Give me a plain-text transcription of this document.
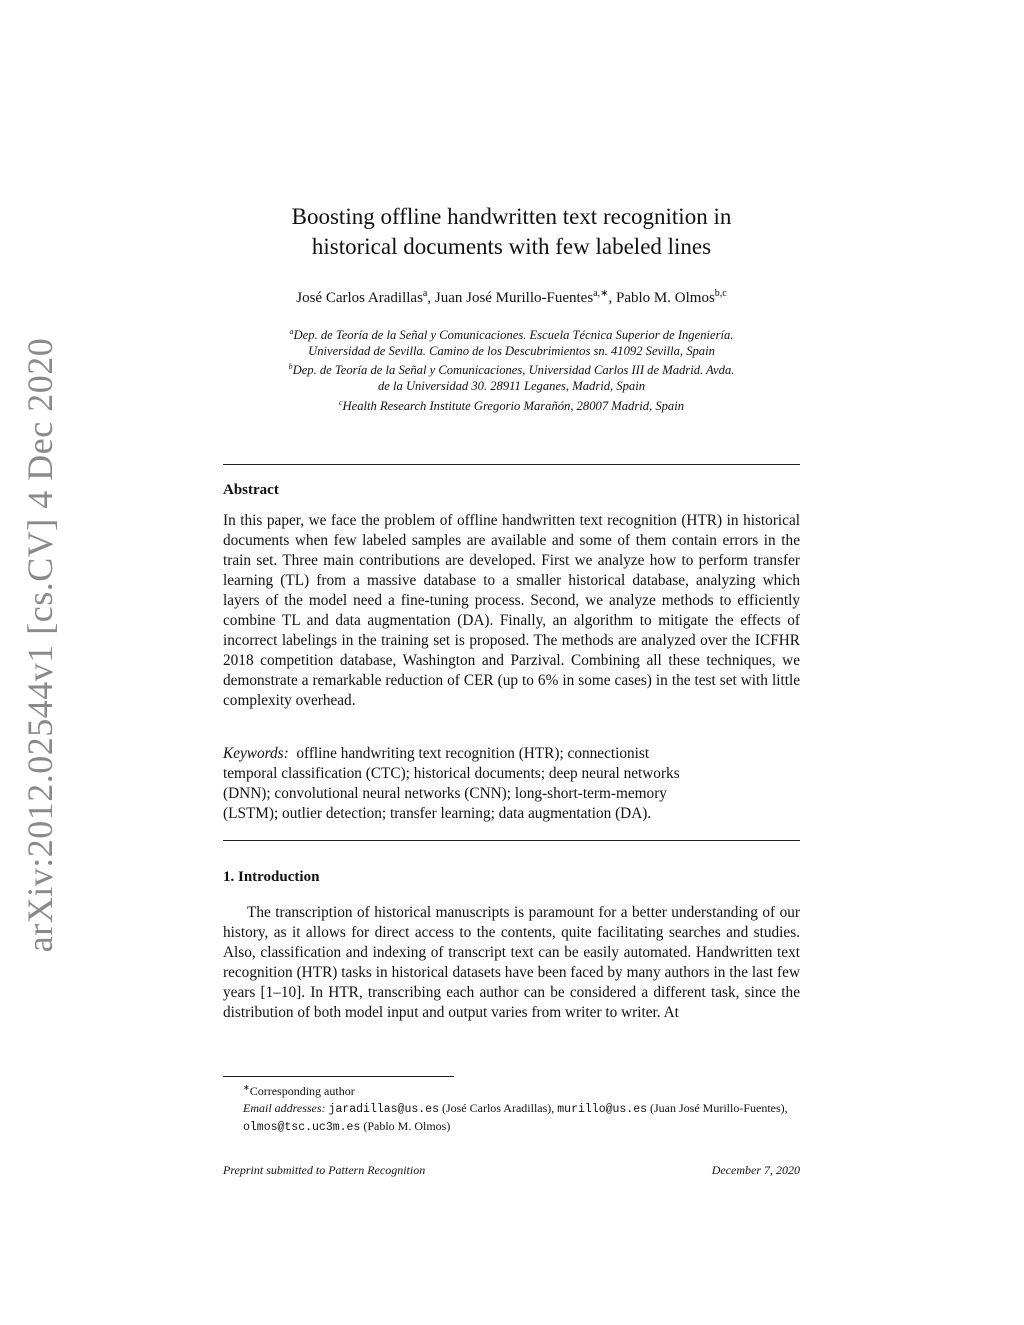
arXiv:2012.02544v1 [cs.CV] 4 Dec 2020
Boosting offline handwritten text recognition in
historical documents with few labeled lines
José Carlos Aradillas$^a$, Juan José Murillo-Fuentes$^{a,∗}$, Pablo M. Olmos$^{b,c}$
$^a$Dep. de Teoría de la Señal y Comunicaciones. Escuela Técnica Superior de Ingeniería.
Universidad de Sevilla. Camino de los Descubrimientos sn. 41092 Sevilla, Spain
$^b$Dep. de Teoría de la Señal y Comunicaciones, Universidad Carlos III de Madrid. Avda.
de la Universidad 30. 28911 Leganes, Madrid, Spain
$^c$Health Research Institute Gregorio Marañón, 28007 Madrid, Spain
Abstract

In this paper, we face the problem of offline handwritten text recognition (HTR) in historical documents when few labeled samples are available and some of them contain errors in the train set. Three main contributions are developed. First we analyze how to perform transfer learning (TL) from a massive database to a smaller historical database, analyzing which layers of the model need a fine-tuning process. Second, we analyze methods to efficiently combine TL and data augmentation (DA). Finally, an algorithm to mitigate the effects of incorrect labelings in the training set is proposed. The methods are analyzed over the ICFHR 2018 competition database, Washington and Parzival. Combining all these techniques, we demonstrate a remarkable reduction of CER (up to 6% in some cases) in the test set with little complexity overhead.

Keywords: offline handwriting text recognition (HTR); connectionist
temporal classification (CTC); historical documents; deep neural networks
(DNN); convolutional neural networks (CNN); long-short-term-memory
(LSTM); outlier detection; transfer learning; data augmentation (DA).
1. Introduction

The transcription of historical manuscripts is paramount for a better understanding of our history, as it allows for direct access to the contents, quite facilitating searches and studies. Also, classification and indexing of transcript text can be easily automated. Handwritten text recognition (HTR) tasks in historical datasets have been faced by many authors in the last few years [1–10]. In HTR, transcribing each author can be considered a different task, since the distribution of both model input and output varies from writer to writer. At

∗Corresponding author

Email addresses: jaradillas@us.es (José Carlos Aradillas), murillo@us.es (Juan José Murillo-Fuentes), olmos@tsc.uc3m.es (Pablo M. Olmos)

Preprint submitted to Pattern Recognition	December 7, 2020
